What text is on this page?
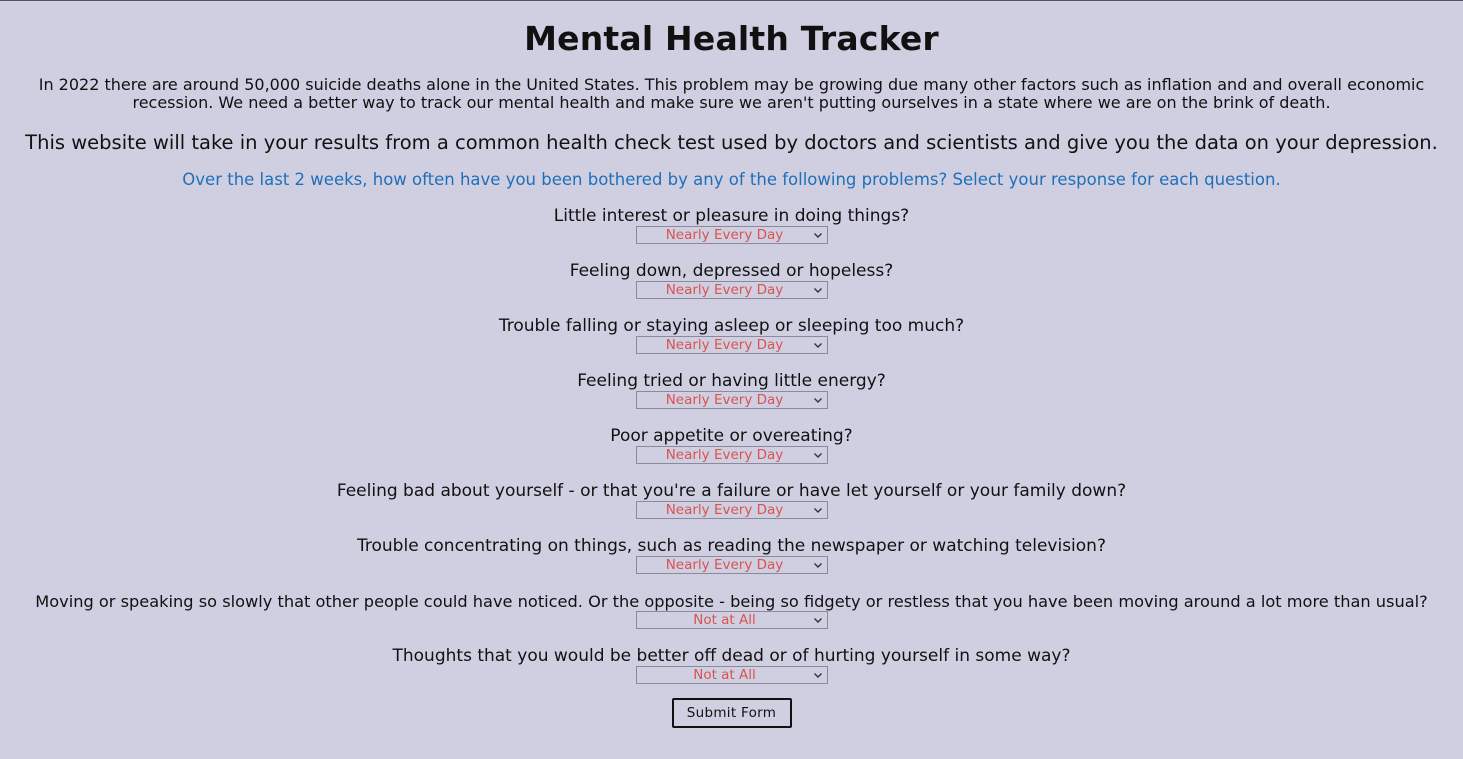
Mental Health Tracker

In 2022 there are around 50,000 suicide deaths alone in the United States. This problem may be growing due many other factors such as inflation and and overall economic recession. We need a better way to track our mental health and make sure we aren't putting ourselves in a state where we are on the brink of death.

This website will take in your results from a common health check test used by doctors and scientists and give you the data on your depression.

Over the last 2 weeks, how often have you been bothered by any of the following problems? Select your response for each question.

Little interest or pleasure in doing things?
Nearly Every Day
Feeling down, depressed or hopeless?
Nearly Every Day
Trouble falling or staying asleep or sleeping too much?
Nearly Every Day
Feeling tried or having little energy?
Nearly Every Day
Poor appetite or overeating?
Nearly Every Day
Feeling bad about yourself - or that you're a failure or have let yourself or your family down?
Nearly Every Day
Trouble concentrating on things, such as reading the newspaper or watching television?
Nearly Every Day
Moving or speaking so slowly that other people could have noticed. Or the opposite - being so fidgety or restless that you have been moving around a lot more than usual?
Not at All
Thoughts that you would be better off dead or of hurting yourself in some way?
Not at All
Submit Form
